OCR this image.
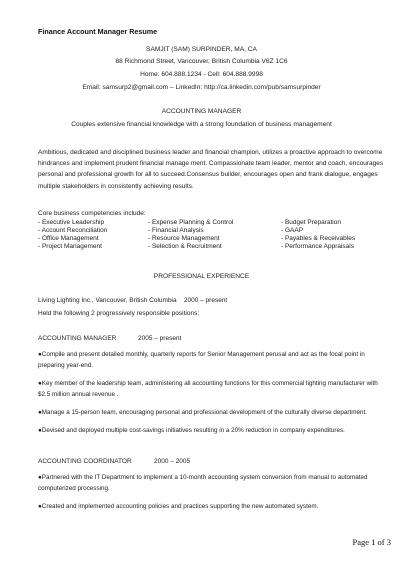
Finance Account Manager Resume
SAMJIT (SAM) SURPINDER, MA, CA
88 Richmond Street, Vancouver, British Columbia V6Z 1C6
Home: 604.888.1234 - Cell: 604.888.9998
Email: samsurp2@gmail.com – LinkedIn: http://ca.linkedin.com/pub/samsurpinder
ACCOUNTING MANAGER
Couples extensive financial knowledge with a strong foundation of business management
Ambitious, dedicated and disciplined business leader and financial champion, utilizes a proactive approach to overcome hindrances and implement prudent financial manage ment. Compassionate team leader, mentor and coach, encourages personal and professional growth for all to succeed.Consensus builder, encourages open and frank dialogue, engages multiple stakeholders in consistently achieving results.
Core business competencies include:
- Executive Leadership
- Account Reconciliation
- Office Management
- Project Management
- Expense Planning & Control
- Financial Analysis
- Resource Management
- Selection & Recruitment
- Budget Preparation
- GAAP
- Payables & Receivables
- Performance Appraisals
PROFESSIONAL EXPERIENCE
Living Lighting Inc., Vancouver, British Columbia 2000 – present
Held the following 2 progressively responsible positions:
ACCOUNTING MANAGER	2005 – present
●Compile and present detailed monthly, quarterly reports for Senior Management perusal and act as the focal point in preparing year-end.
●Key member of the leadership team, administering all accounting functions for this commercial lighting manufacturer with $2.5 million annual revenue .
●Manage a 15-person team, encouraging personal and professional development of the culturally diverse department.
●Devised and deployed multiple cost-savings initiatives resulting in a 20% reduction in company expenditures.
ACCOUNTING COORDINATOR	2000 – 2005
●Partnered with the IT Department to implement a 10-month accounting system conversion from manual to automated computerized processing.
●Created and implemented accounting policies and practices supporting the new automated system.
Page 1 of 3
